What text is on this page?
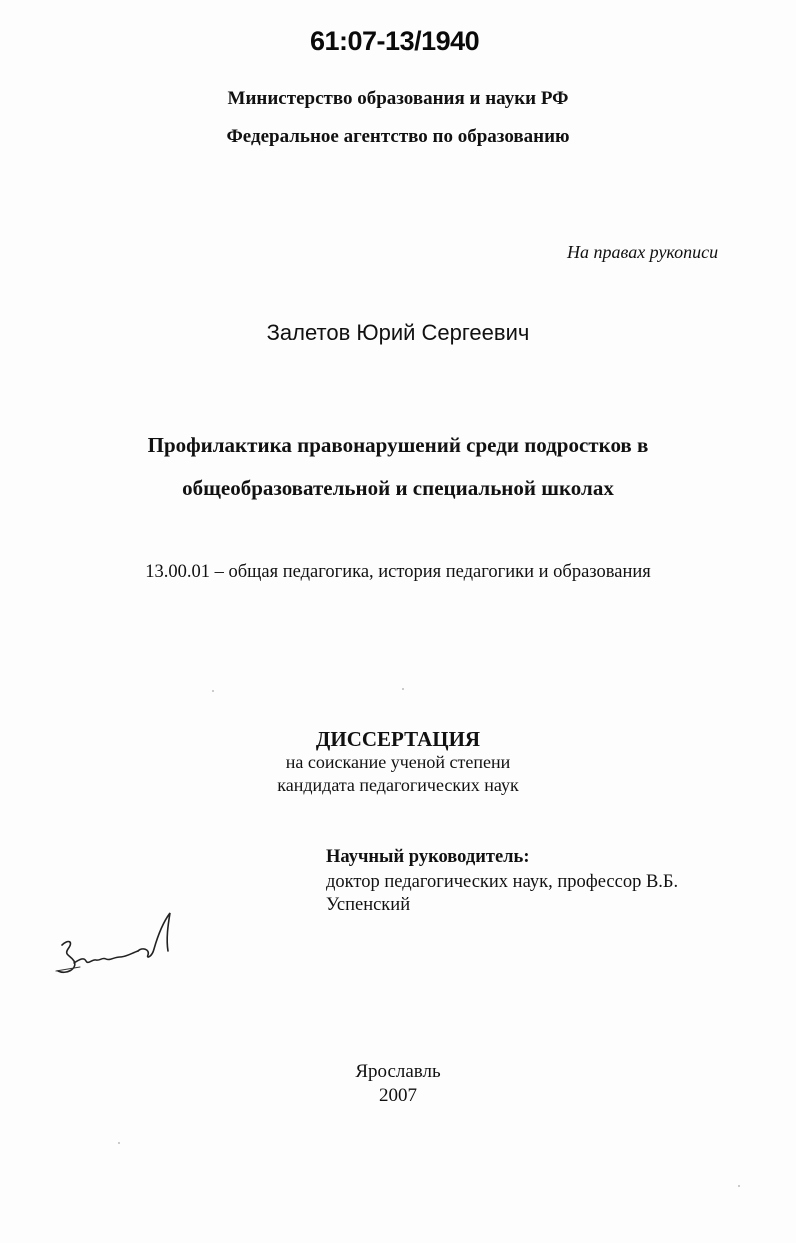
61:07-13/1940
Министерство образования и науки РФ
Федеральное агентство по образованию
На правах рукописи
Залетов Юрий Сергеевич
Профилактика правонарушений среди подростков в
общеобразовательной и специальной школах
13.00.01 – общая педагогика, история педагогики и образования
ДИССЕРТАЦИЯ
на соискание ученой степени
кандидата педагогических наук
Научный руководитель:
доктор педагогических наук, профессор В.Б.
Успенский
Ярославль
2007
